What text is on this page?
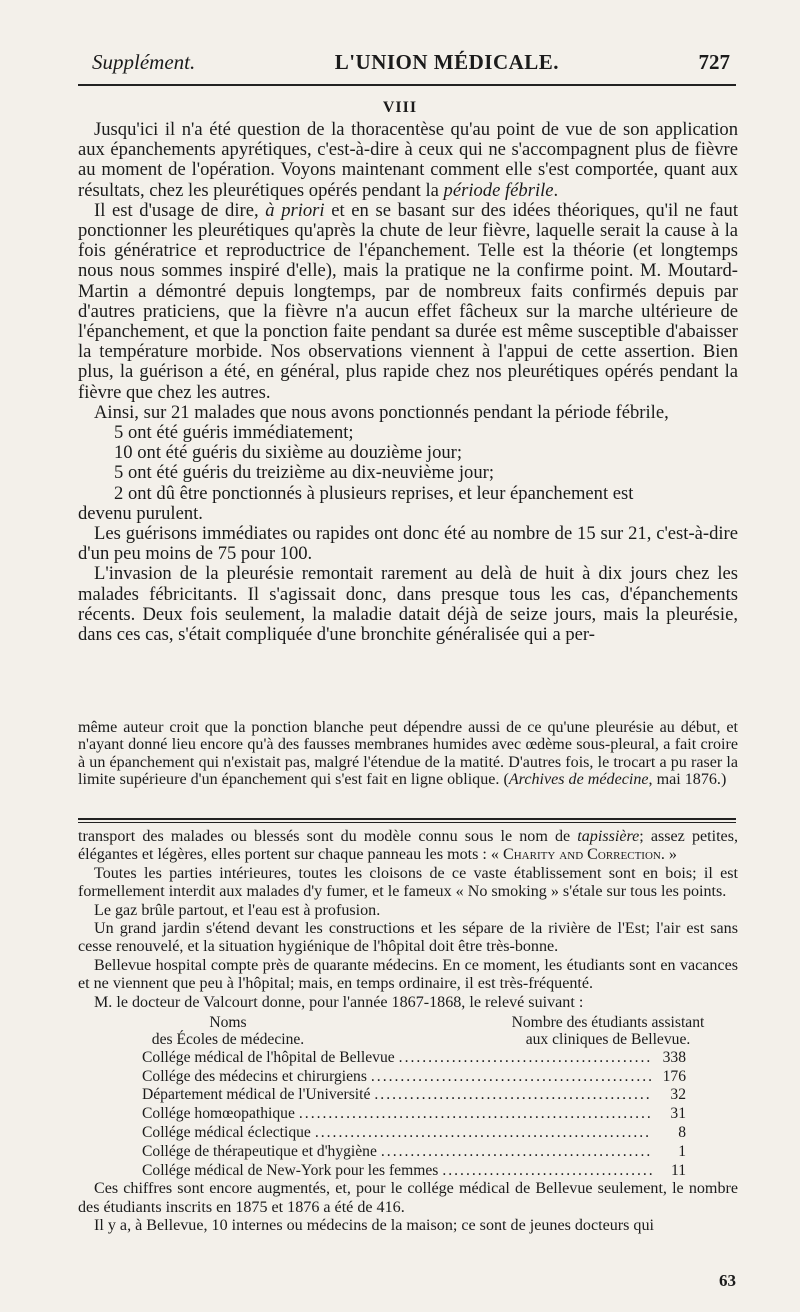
Supplément.	L'UNION MÉDICALE.	727
VIII

Jusqu'ici il n'a été question de la thoracentèse qu'au point de vue de son application aux épanchements apyrétiques, c'est-à-dire à ceux qui ne s'accompagnent plus de fièvre au moment de l'opération. Voyons maintenant comment elle s'est comportée, quant aux résultats, chez les pleurétiques opérés pendant la période fébrile.

Il est d'usage de dire, à priori et en se basant sur des idées théoriques, qu'il ne faut ponctionner les pleurétiques qu'après la chute de leur fièvre, laquelle serait la cause à la fois génératrice et reproductrice de l'épanchement. Telle est la théorie (et longtemps nous nous sommes inspiré d'elle), mais la pratique ne la confirme point. M. Moutard-Martin a démontré depuis longtemps, par de nombreux faits confirmés depuis par d'autres praticiens, que la fièvre n'a aucun effet fâcheux sur la marche ultérieure de l'épanchement, et que la ponction faite pendant sa durée est même susceptible d'abaisser la température morbide. Nos observations viennent à l'appui de cette assertion. Bien plus, la guérison a été, en général, plus rapide chez nos pleurétiques opérés pendant la fièvre que chez les autres.

Ainsi, sur 21 malades que nous avons ponctionnés pendant la période fébrile,

5 ont été guéris immédiatement;
10 ont été guéris du sixième au douzième jour;
5 ont été guéris du treizième au dix-neuvième jour;
2 ont dû être ponctionnés à plusieurs reprises, et leur épanchement est

devenu purulent.

Les guérisons immédiates ou rapides ont donc été au nombre de 15 sur 21, c'est-à-dire d'un peu moins de 75 pour 100.

L'invasion de la pleurésie remontait rarement au delà de huit à dix jours chez les malades fébricitants. Il s'agissait donc, dans presque tous les cas, d'épanchements récents. Deux fois seulement, la maladie datait déjà de seize jours, mais la pleurésie, dans ces cas, s'était compliquée d'une bronchite généralisée qui a per-

même auteur croit que la ponction blanche peut dépendre aussi de ce qu'une pleurésie au début, et n'ayant donné lieu encore qu'à des fausses membranes humides avec œdème sous-pleural, a fait croire à un épanchement qui n'existait pas, malgré l'étendue de la matité. D'autres fois, le trocart a pu raser la limite supérieure d'un épanchement qui s'est fait en ligne oblique. (Archives de médecine, mai 1876.)

transport des malades ou blessés sont du modèle connu sous le nom de tapissière; assez petites, élégantes et légères, elles portent sur chaque panneau les mots : « Charity and Correction. »

Toutes les parties intérieures, toutes les cloisons de ce vaste établissement sont en bois; il est formellement interdit aux malades d'y fumer, et le fameux « No smoking » s'étale sur tous les points.

Le gaz brûle partout, et l'eau est à profusion.

Un grand jardin s'étend devant les constructions et les sépare de la rivière de l'Est; l'air est sans cesse renouvelé, et la situation hygiénique de l'hôpital doit être très-bonne.

Bellevue hospital compte près de quarante médecins. En ce moment, les étudiants sont en vacances et ne viennent que peu à l'hôpital; mais, en temps ordinaire, il est très-fréquenté.

M. le docteur de Valcourt donne, pour l'année 1867-1868, le relevé suivant :

Noms
des Écoles de médecine.
Nombre des étudiants assistant
aux cliniques de Bellevue.
Collége médical de l'hôpital de Bellevue .....	338
Collége des médecins et chirurgiens .....	176
Département médical de l'Université .....	32
Collége homœopathique .....	31
Collége médical éclectique .....	8
Collége de thérapeutique et d'hygiène .....	1
Collége médical de New-York pour les femmes .....	11

Ces chiffres sont encore augmentés, et, pour le collége médical de Bellevue seulement, le nombre des étudiants inscrits en 1875 et 1876 a été de 416.

Il y a, à Bellevue, 10 internes ou médecins de la maison; ce sont de jeunes docteurs qui

63
